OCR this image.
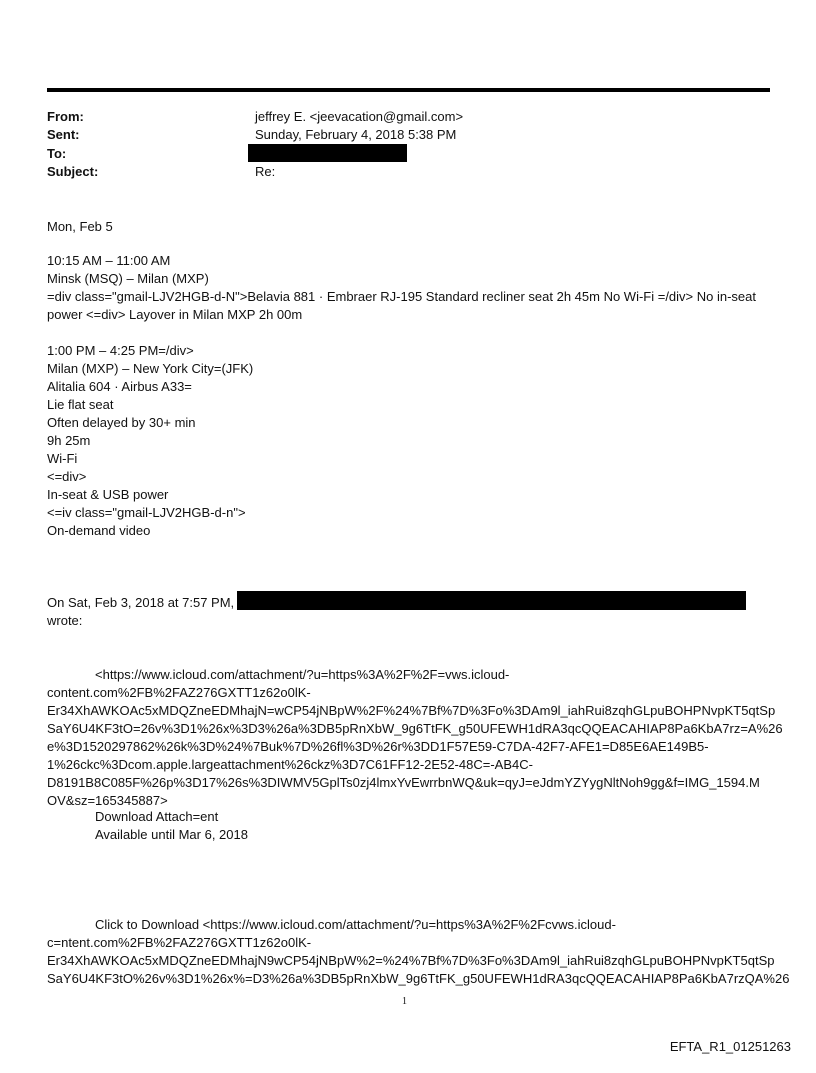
From:	jeffrey E. <jeevacation@gmail.com>
Sent:	Sunday, February 4, 2018 5:38 PM
To:
Subject:	Re:
Mon, Feb 5
10:15 AM – 11:00 AM
Minsk (MSQ) – Milan (MXP)
=div class="gmail-LJV2HGB-d-N">Belavia 881 · Embraer RJ-195 Standard recliner seat 2h 45m No Wi-Fi =/div> No in-seat
power <=div> Layover in Milan MXP 2h 00m
1:00 PM – 4:25 PM=/div>
Milan (MXP) – New York City=(JFK)
Alitalia 604 · Airbus A33=
Lie flat seat
Often delayed by 30+ min
9h 25m
Wi-Fi
<=div>
In-seat & USB power
<=iv class="gmail-LJV2HGB-d-n">
On-demand video
On Sat, Feb 3, 2018 at 7:57 PM,
wrote:
<https://www.icloud.com/attachment/?u=https%3A%2F%2F=vws.icloud-
content.com%2FB%2FAZ276GXTT1z62o0lK-
Er34XhAWKOAc5xMDQZneEDMhajN=wCP54jNBpW%2F%24%7Bf%7D%3Fo%3DAm9l_iahRui8zqhGLpuBOHPNvpKT5qtSp
SaY6U4KF3tO=26v%3D1%26x%3D3%26a%3DB5pRnXbW_9g6TtFK_g50UFEWH1dRA3qcQQEACAHIAP8Pa6KbA7rz=A%26
e%3D1520297862%26k%3D%24%7Buk%7D%26fl%3D%26r%3DD1F57E59-C7DA-42F7-AFE1=D85E6AE149B5-
1%26ckc%3Dcom.apple.largeattachment%26ckz%3D7C61FF12-2E52-48C=-AB4C-
D8191B8C085F%26p%3D17%26s%3DIWMV5GplTs0zj4lmxYvEwrrbnWQ&uk=qyJ=eJdmYZYygNltNoh9gg&f=IMG_1594.M
OV&sz=165345887>
Download Attach=ent
Available until Mar 6, 2018
Click to Download <https://www.icloud.com/attachment/?u=https%3A%2F%2Fcvws.icloud-
c=ntent.com%2FB%2FAZ276GXTT1z62o0lK-
Er34XhAWKOAc5xMDQZneEDMhajN9wCP54jNBpW%2=%24%7Bf%7D%3Fo%3DAm9l_iahRui8zqhGLpuBOHPNvpKT5qtSp
SaY6U4KF3tO%26v%3D1%26x%=D3%26a%3DB5pRnXbW_9g6TtFK_g50UFEWH1dRA3qcQQEACAHIAP8Pa6KbA7rzQA%26
1
EFTA_R1_01251263
